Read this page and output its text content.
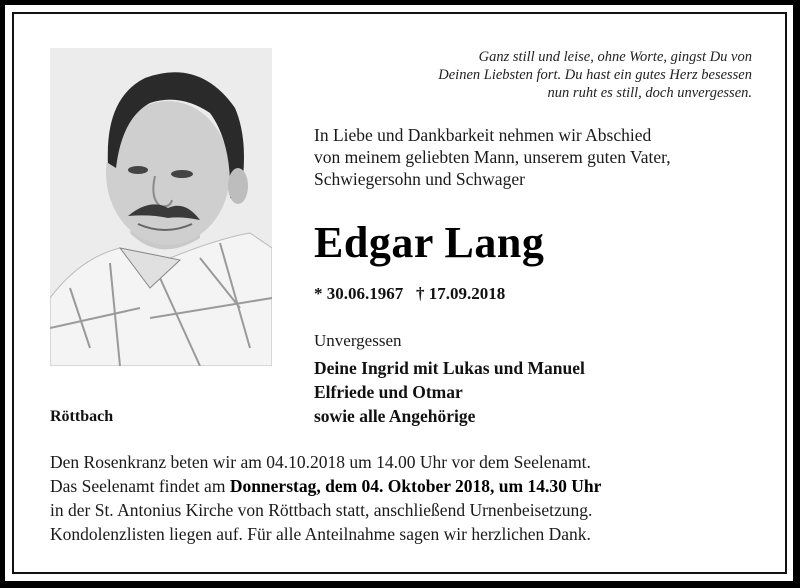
Ganz still und leise, ohne Worte, gingst Du von
Deinen Liebsten fort. Du hast ein gutes Herz besessen
nun ruht es still, doch unvergessen.
In Liebe und Dankbarkeit nehmen wir Abschied
von meinem geliebten Mann, unserem guten Vater,
Schwiegersohn und Schwager
Edgar Lang
* 30.06.1967 † 17.09.2018
Unvergessen
Deine Ingrid mit Lukas und Manuel
Elfriede und Otmar
sowie alle Angehörige
Röttbach
Den Rosenkranz beten wir am 04.10.2018 um 14.00 Uhr vor dem Seelenamt.
Das Seelenamt findet am Donnerstag, dem 04. Oktober 2018, um 14.30 Uhr
in der St. Antonius Kirche von Röttbach statt, anschließend Urnenbeisetzung.
Kondolenzlisten liegen auf. Für alle Anteilnahme sagen wir herzlichen Dank.
